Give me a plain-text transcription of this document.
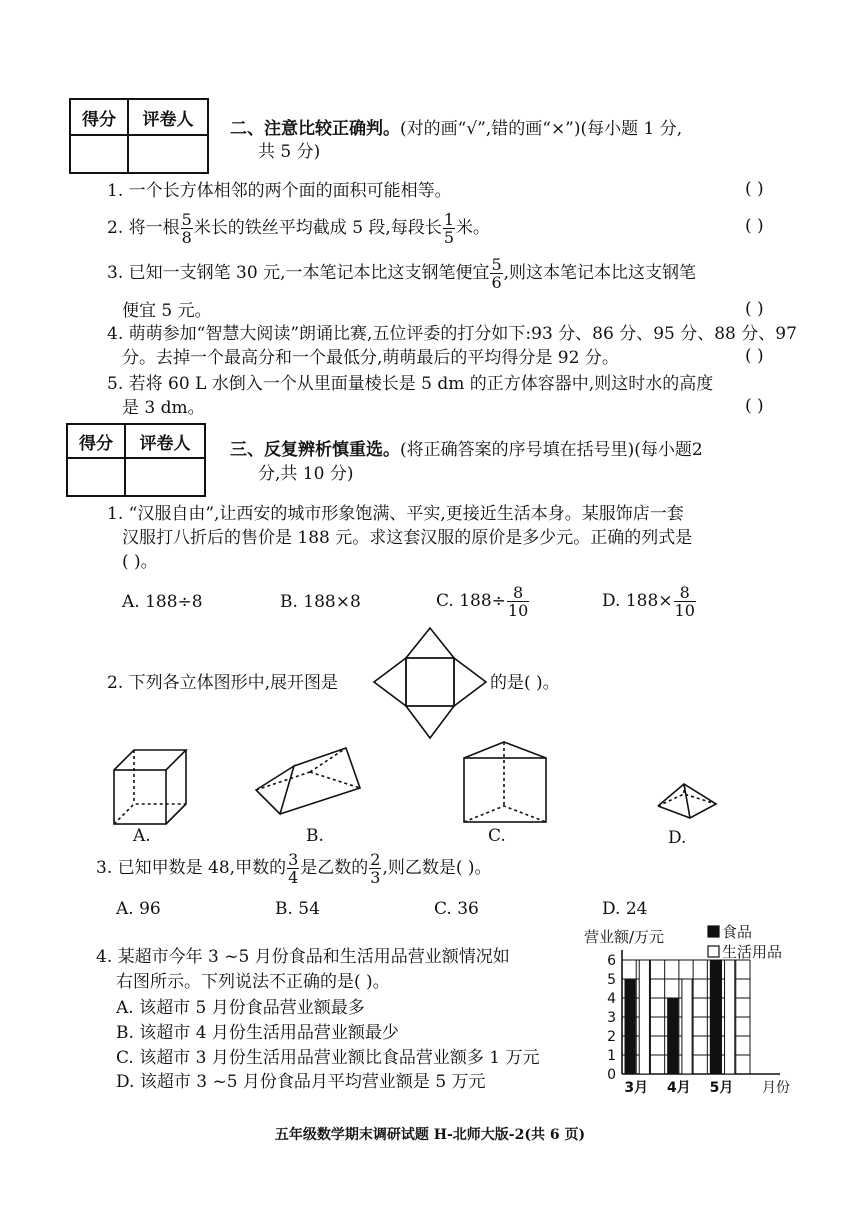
得分	评卷人
	二、注意比较正确判。(对的画“√”,错的画“×”)(每小题 1 分,
共 5 分)
1. 一个长方体相邻的两个面的面积可能相等。	( )
2. 将一根 $\frac{5}{8}$ 米长的铁丝平均截成 5 段,每段长 $\frac{1}{5}$ 米。	( )
3. 已知一支钢笔 30 元,一本笔记本比这支钢笔便宜 $\frac{5}{6}$ ,则这本笔记本比这支钢笔
便宜 5 元。	( )
4. 萌萌参加“智慧大阅读”朗诵比赛,五位评委的打分如下:93 分、86 分、95 分、88 分、97
分。去掉一个最高分和一个最低分,萌萌最后的平均得分是 92 分。	( )
5. 若将 60 L 水倒入一个从里面量棱长是 5 dm 的正方体容器中,则这时水的高度
是 3 dm。	( )
得分	评卷人
	三、反复辨析慎重选。(将正确答案的序号填在括号里)(每小题2
分,共 10 分)
1. “汉服自由”,让西安的城市形象饱满、平实,更接近生活本身。某服饰店一套
汉服打八折后的售价是 188 元。求这套汉服的原价是多少元。正确的列式是
( )。
A. 188÷8	B. 188×8	C. $188\div \frac{8}{10}$	D. $188\times \frac{8}{10}$
2. 下列各立体图形中,展开图是	的是( )。
A.	B.	C.	D.
3. 已知甲数是 48,甲数的 $\frac{3}{4}$ 是乙数的 $\frac{2}{3}$ ,则乙数是( )。
A. 96	B. 54	C. 36	D. 24
4. 某超市今年 3 ~5 月份食品和生活用品营业额情况如
右图所示。下列说法不正确的是( )。
A. 该超市 5 月份食品营业额最多
B. 该超市 4 月份生活用品营业额最少
C. 该超市 3 月份生活用品营业额比食品营业额多 1 万元
D. 该超市 3 ~5 月份食品月平均营业额是 5 万元	0
1
2
3
4
5
6
3月 4月 5月
营业额/万元
月份
食品
生活用品
五年级数学期末调研试题 H-北师大版-2(共 6 页)
